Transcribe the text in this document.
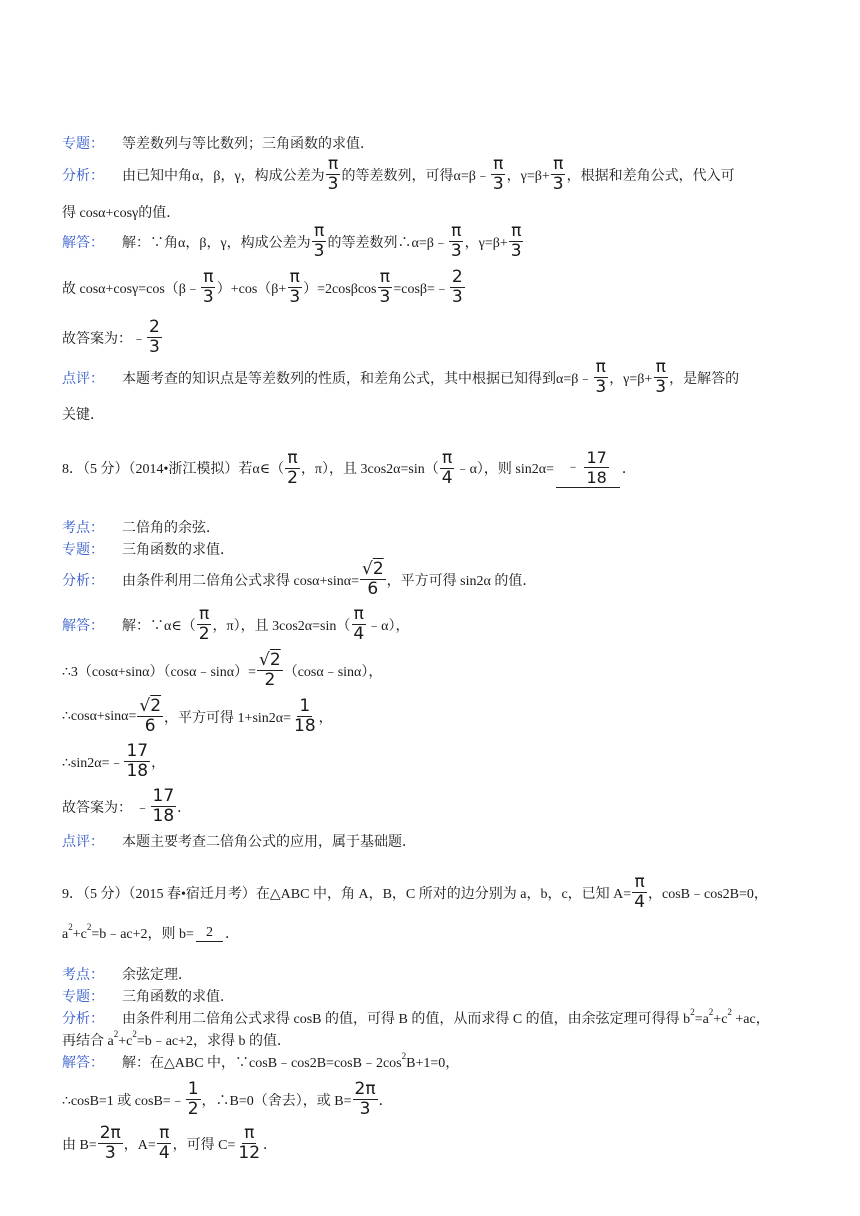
专题：	等差数列与等比数列；三角函数的求值．
分析：	由已知中角α，β，γ，构成公差为 $\frac{\pi}{3}$ 的等差数列，可得α=β﹣ $\frac{\pi}{3}$ ，$\gamma=\beta+ \frac{\pi}{3}$ ，根据和差角公式，代入可
得 cosα+cosγ的值．
解答：	解：∵角α，β，γ，构成公差为 $\frac{\pi}{3}$ 的等差数列∴α=β﹣ $\frac{\pi}{3}$ ，$\gamma=\beta+ \frac{\pi}{3}$
故 cosα+cosγ=cos（β﹣ $\frac{\pi}{3} )+\cos(\beta+ \frac{\pi}{3} )=2\cos\beta\cos \frac{\pi}{3}$ =cosβ=﹣ $\frac{2}{3}$
故答案为：﹣ $\frac{2}{3}$
点评：	本题考查的知识点是等差数列的性质，和差角公式，其中根据已知得到α=β﹣ $\frac{\pi}{3}$ ，$\gamma=\beta+ \frac{\pi}{3}$ ，是解答的
关键．
8．（5 分）（2014•浙江模拟）若α∈（ $\frac{\pi}{2}$ ，π），且 $3\cos 2\alpha=\sin( \frac{\pi}{4}$ ﹣α），则 sin2α= ﹣ $\frac{17}{18}$ ．
考点：	二倍角的余弦．
专题：	三角函数的求值．
分析：	由条件利用二倍角公式求得 $\cos\alpha+\sin\alpha= \frac{√2}{6}$ ，平方可得 sin2α 的值．
解答：	解：∵α∈（ $\frac{\pi}{2}$ ，π），且 $3\cos 2\alpha=\sin( \frac{\pi}{4}$ ﹣α），
∴3（cosα+sinα）（cosα﹣sinα）= $\frac{√2}{2}$ （cosα﹣sinα），
∴cosα+sinα= $\frac{√2}{6}$ ，平方可得 $1+\sin 2\alpha= \frac{1}{18}$ ，
∴sin2α=﹣ $\frac{17}{18}$ ，
故答案为： ﹣ $\frac{17}{18}$ ．
点评：	本题主要考查二倍角公式的应用，属于基础题．
9．（5 分）（2015 春•宿迁月考）在△ABC 中，角 A，B，C 所对的边分别为 a，b，c，已知 $A= \frac{\pi}{4}$ ，cosB﹣cos2B=0，
$a^2+c^2=b﹣ac+2$，则 b= 2 ．
考点：	余弦定理．
专题：	三角函数的求值．
分析：	由条件利用二倍角公式求得 cosB 的值，可得 B 的值，从而求得 C 的值，由余弦定理可得得 $b^2=a^2+c^2 +ac$，
再结合 $a^2+c^2=b﹣ac+2$，求得 b 的值．
解答：	解：在△ABC 中，$\because\cos B﹣\cos 2B=\cos B﹣2\cos^2B+1=0$，
∴cosB=1 或 cosB=﹣ $\frac{1}{2}$ ，∴B=0（舍去），或 $B= \frac{2\pi}{3}$ ．
由 $B= \frac{2\pi}{3}$ ，$A= \frac{\pi}{4}$ ，可得 $C= \frac{\pi}{12}$ ．
